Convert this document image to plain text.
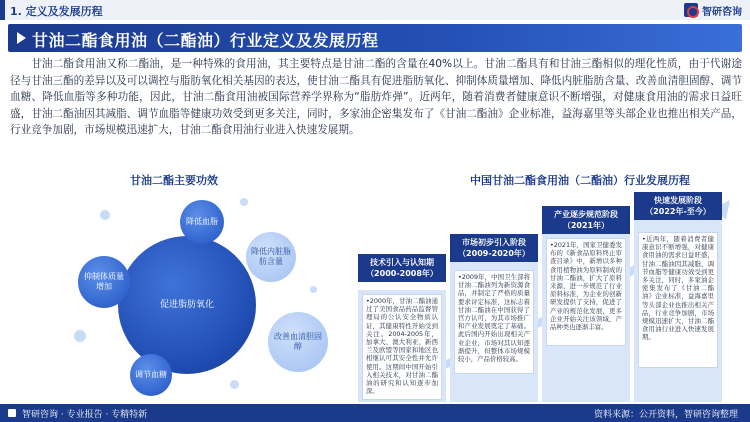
1. 定义及发展历程	智研咨询
甘油二酯食用油（二酯油）行业定义及发展历程

甘油二酯食用油又称二酯油，是一种特殊的食用油，其主要特点是甘油二酯的含量在40%以上。甘油二酯具有和甘油三酯相似的理化性质，由于代谢途径与甘油三酯的差异以及可以调控与脂肪氧化相关基因的表达，使甘油二酯具有促进脂肪氧化、抑制体质量增加、降低内脏脂肪含量、改善血清胆固醇、调节血糖、降低血脂等多种功能，因此，甘油二酯食用油被国际营养学界称为“脂肪炸弹”。近两年，随着消费者健康意识不断增强，对健康食用油的需求日益旺盛，甘油二酯油因其减脂、调节血脂等健康功效受到更多关注，同时，多家油企密集发布了《甘油二酯油》企业标准，益海嘉里等头部企业也推出相关产品，行业竞争加剧，市场规模迅速扩大，甘油二酯食用油行业进入快速发展期。

甘油二酯主要功效	中国甘油二酯食用油（二酯油）行业发展历程
促进脂肪氧化
降低血脂
降低内脏脂肪含量
抑制体质量增加
改善血清胆固醇
调节血糖
技术引入与认知期
（2000-2008年）
市场初步引入阶段
（2009-2020年）
产业逐步规范阶段
（2021年）
快速发展阶段
（2022年-至今）
•2000年，甘油二酯油通过了美国食品药品监督管理局的公认安全物质认证，其健康特性开始受到关注。2004-2005年，加拿大、澳大利亚、新西兰及欧盟等国家和地区也相继认可其安全性并允许使用。这期间中国开始引入相关技术，对甘油二酯油的研究和认知逐步加深。
•2009年，中国卫生部将甘油二酯油列为新资源食品，并制定了严格的质量要求评定标准，这标志着甘油二酯油在中国获得了官方认可，为其市场推广和产业发展奠定了基础。此后国内开始出现相关产业企业，市场对其认知逐渐提升，但整体市场规模较小，产品价格较高。
•2021年，国家卫健委发布的《新食品原料终止审查目录》中，新增以多种食用植物油为原料制成的甘油二酯油，扩大了原料来源，进一步规范了行业原料标准，为企业的创新研发提供了支持，促进了产业的规范化发展，更多企业开始关注该领域，产品种类也逐渐丰富。
•近两年，随着消费者健康意识不断增强，对健康食用油的需求日益旺盛，甘油二酯油因其减脂、调节血脂等健康功效受到更多关注，同时，多家油企密集发布了《甘油二酯油》企业标准，益海嘉里等头部企业也推出相关产品，行业竞争加剧，市场规模迅速扩大，甘油二酯食用油行业进入快速发展期。
智研咨询 · 专业报告 · 专精特新	资料来源：公开资料，智研咨询整理
